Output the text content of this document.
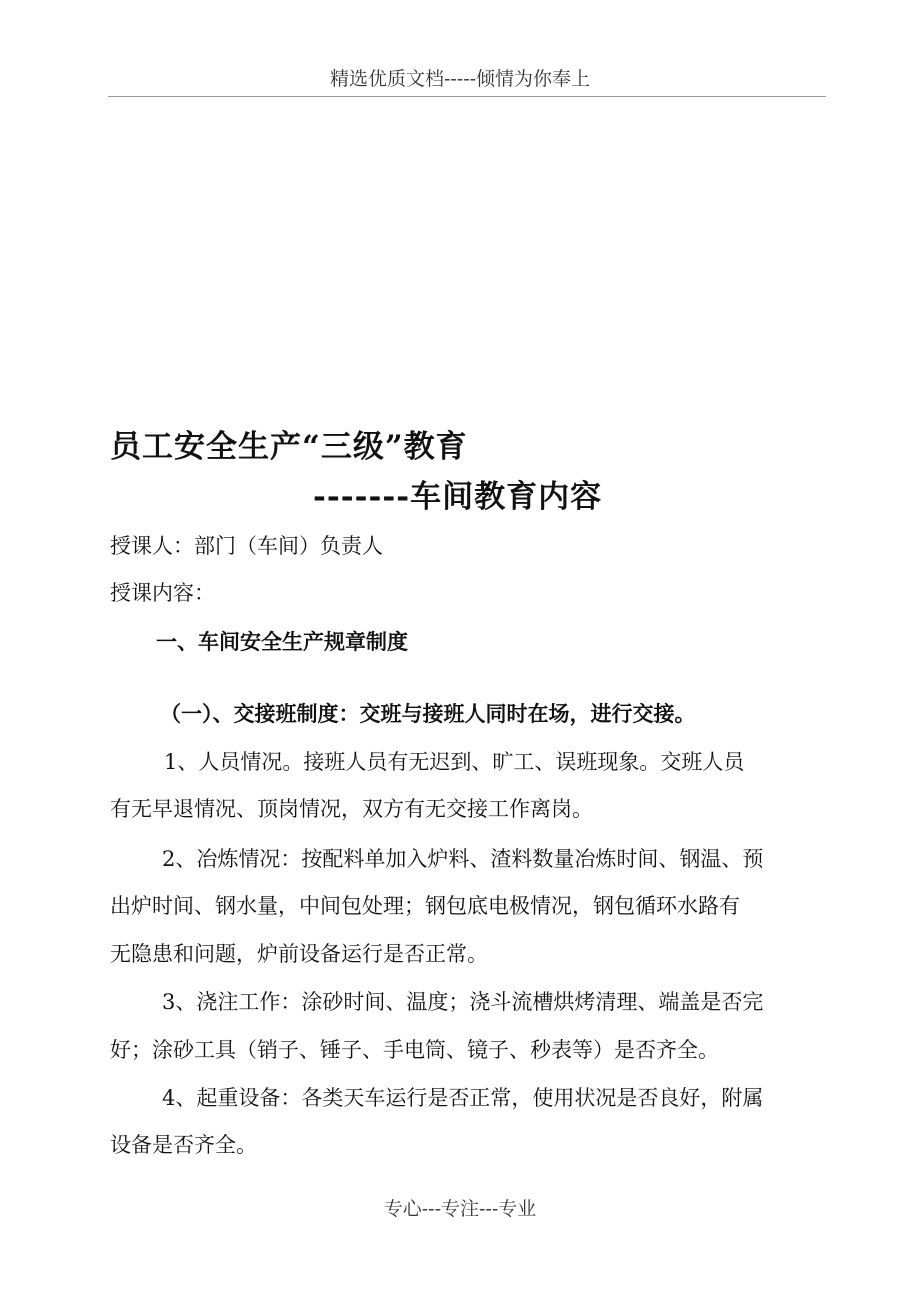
精选优质文档-----倾情为你奉上
员工安全生产“三级”教育
-------车间教育内容
授课人：部门（车间）负责人
授课内容：
一、车间安全生产规章制度
（一）、交接班制度：交班与接班人同时在场，进行交接。
1、人员情况。接班人员有无迟到、旷工、误班现象。交班人员
有无早退情况、顶岗情况，双方有无交接工作离岗。
2、冶炼情况：按配料单加入炉料、渣料数量冶炼时间、钢温、预
出炉时间、钢水量，中间包处理；钢包底电极情况，钢包循环水路有
无隐患和问题，炉前设备运行是否正常。
3、浇注工作：涂砂时间、温度；浇斗流槽烘烤清理、端盖是否完
好；涂砂工具（销子、锤子、手电筒、镜子、秒表等）是否齐全。
4、起重设备：各类天车运行是否正常，使用状况是否良好，附属
设备是否齐全。
专心---专注---专业
